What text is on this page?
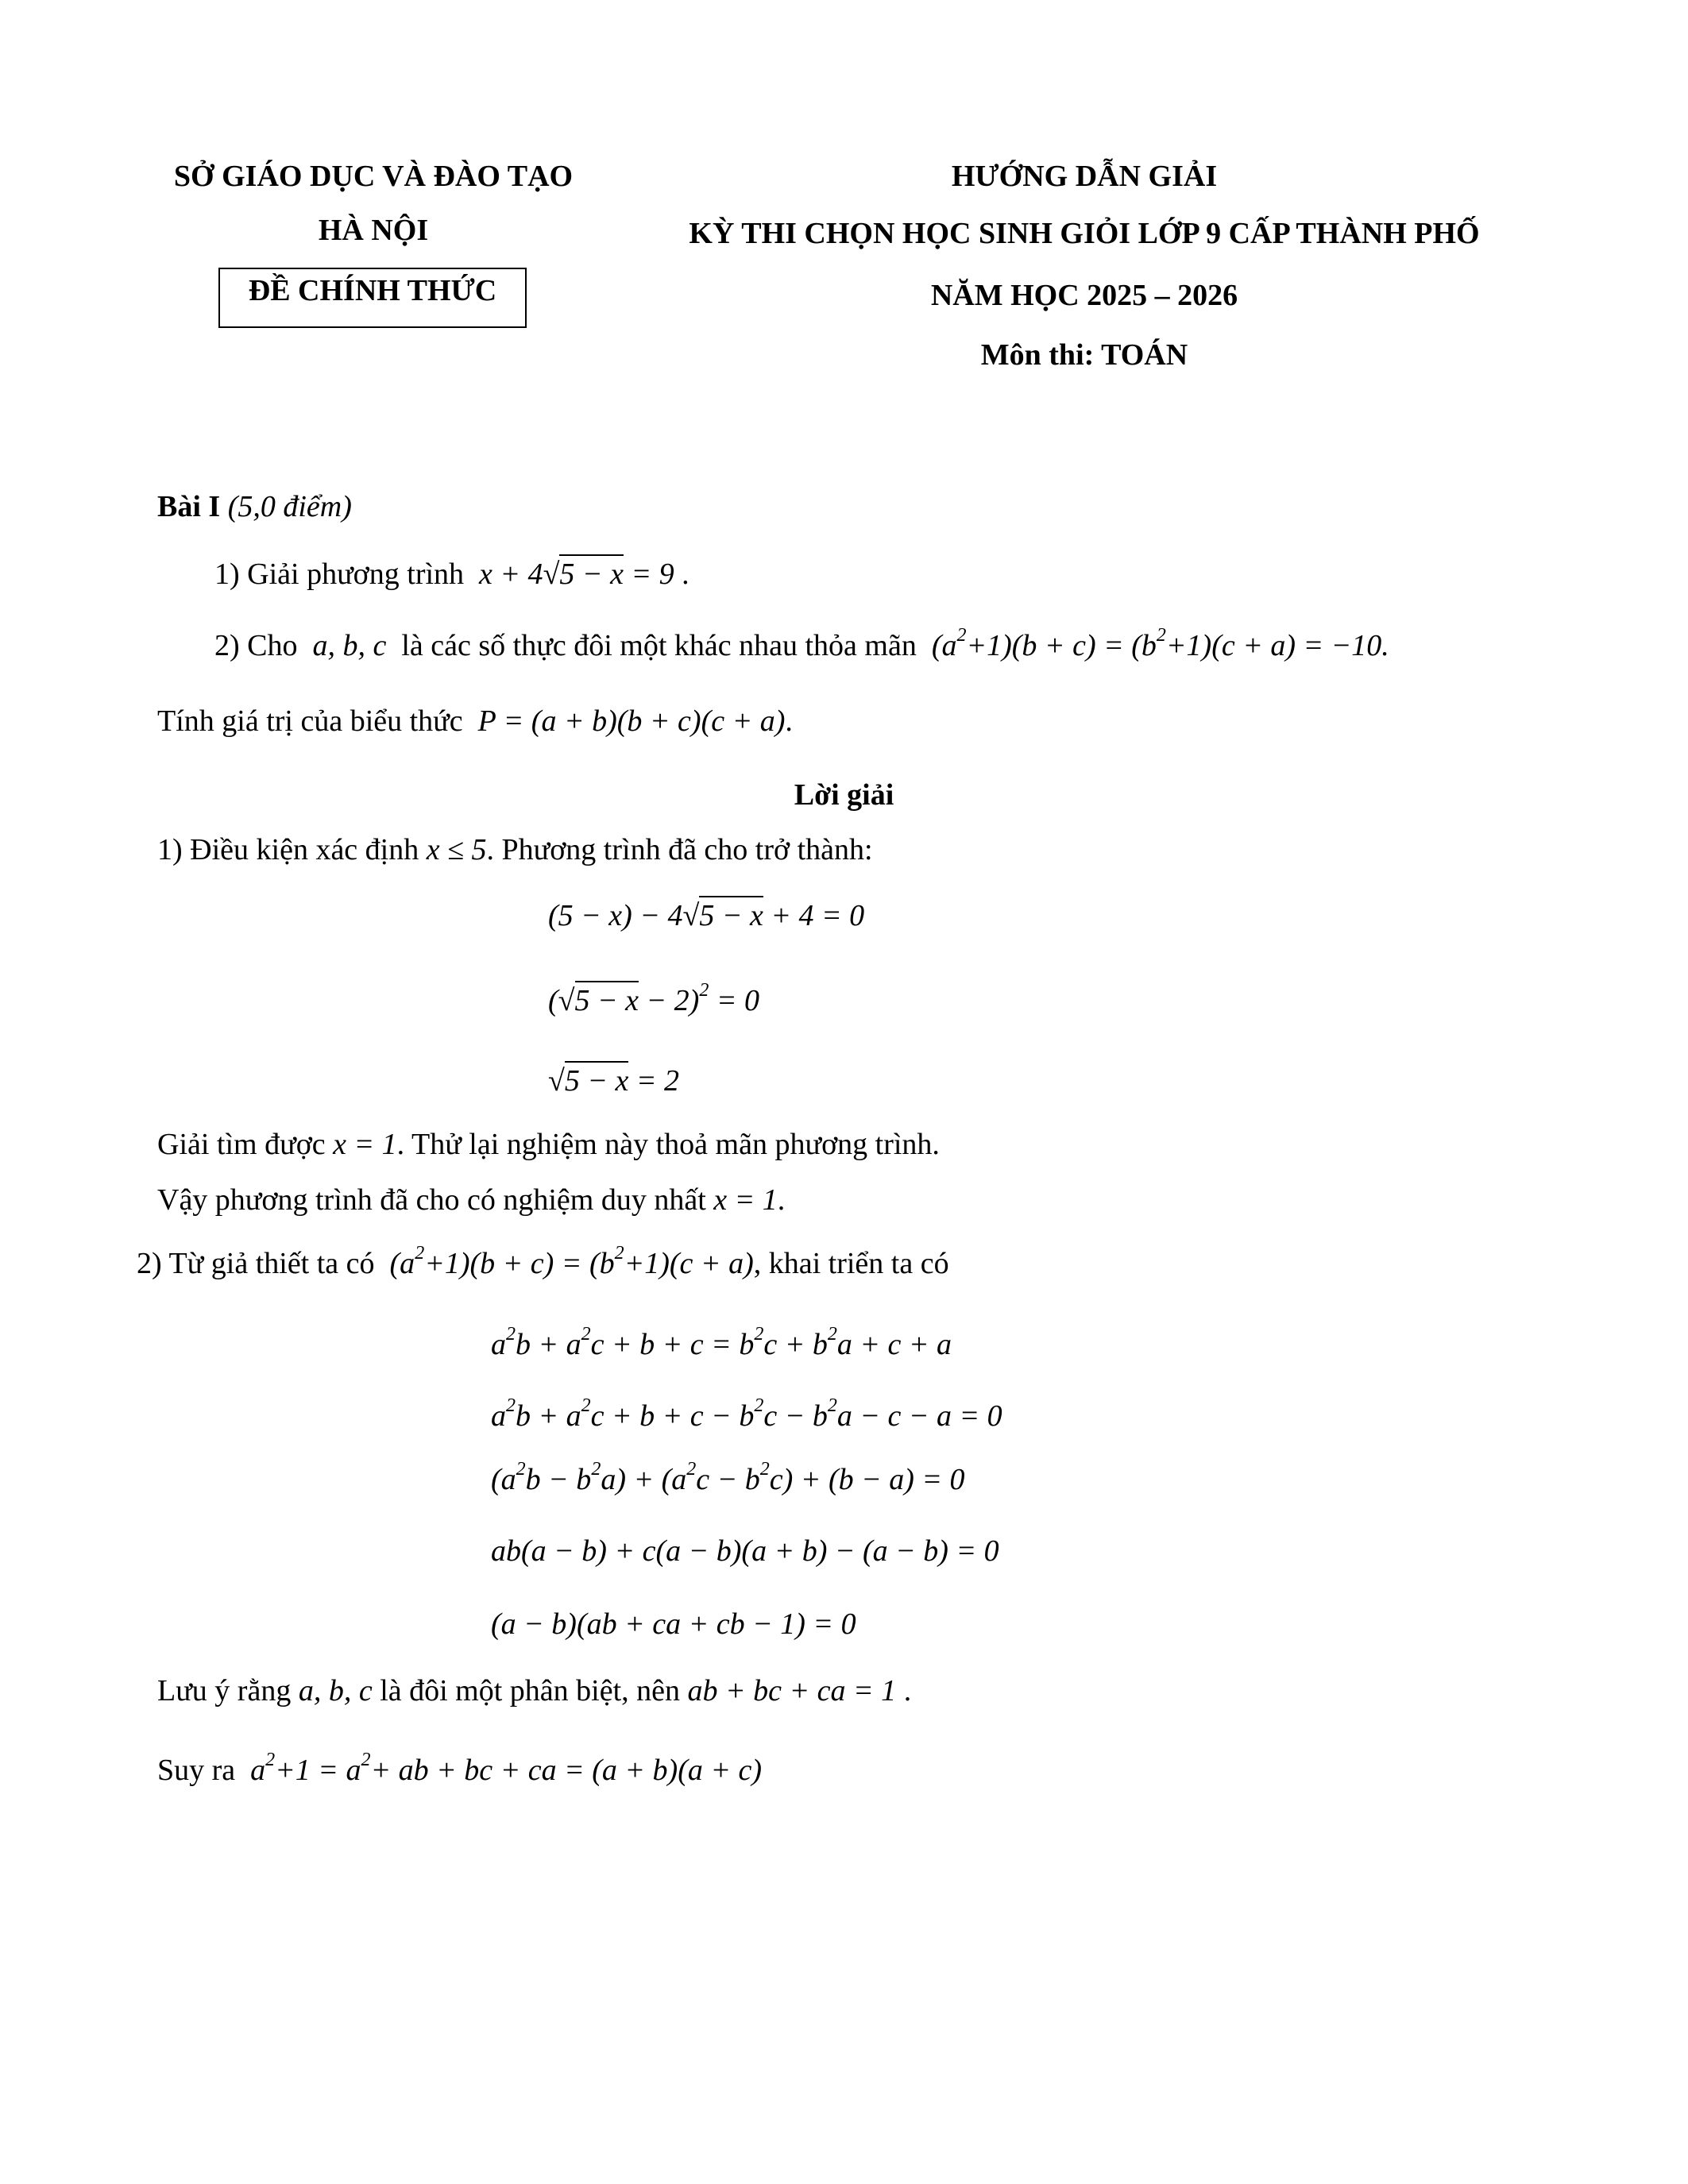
SỞ GIÁO DỤC VÀ ĐÀO TẠO
HÀ NỘI
ĐỀ CHÍNH THỨC
HƯỚNG DẪN GIẢI
KỲ THI CHỌN HỌC SINH GIỎI LỚP 9 CẤP THÀNH PHỐ
NĂM HỌC 2025 – 2026
Môn thi: TOÁN
Bài I (5,0 điểm)
1) Giải phương trình x + 4√5 − x = 9 .
2) Cho a, b, c là các số thực đôi một khác nhau thỏa mãn $(a^2+1)(b + c) = (b^2+1)(c + a) = -10$.
Tính giá trị của biểu thức P = (a + b)(b + c)(c + a).
Lời giải
1) Điều kiện xác định x ≤ 5. Phương trình đã cho trở thành:
(5 − x) − 4√5 − x + 4 = 0
$(√5 - x - 2)^2 = 0$
√5 − x = 2
Giải tìm được x = 1. Thử lại nghiệm này thoả mãn phương trình.
Vậy phương trình đã cho có nghiệm duy nhất x = 1.
2) Từ giả thiết ta có $(a^2+1)(b + c) = (b^2+1)(c + a)$, khai triển ta có
$a^2b + a^2c + b + c = b^2c + b^2a + c + a$
$a^2b + a^2c + b + c - b^2c - b^2a - c - a = 0$
$(a^2b - b^2a) + (a^2c - b^2c) + (b - a) = 0$
ab(a − b) + c(a − b)(a + b) − (a − b) = 0
(a − b)(ab + ca + cb − 1) = 0
Lưu ý rằng a, b, c là đôi một phân biệt, nên ab + bc + ca = 1 .
Suy ra $a^2+1 = a^2+$ ab + bc + ca = (a + b)(a + c)
